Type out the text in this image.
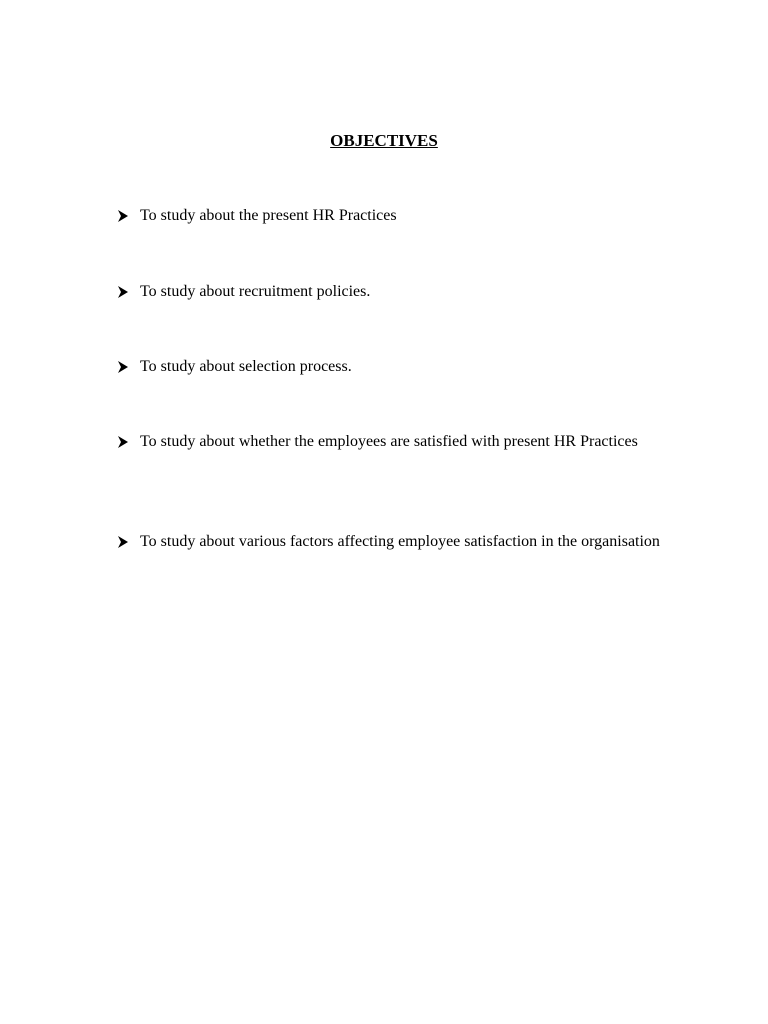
OBJECTIVES
To study about the present HR Practices
To study about recruitment policies.
To study about selection process.
To study about whether the employees are satisfied with present HR Practices
To study about various factors affecting employee satisfaction in the organisation
